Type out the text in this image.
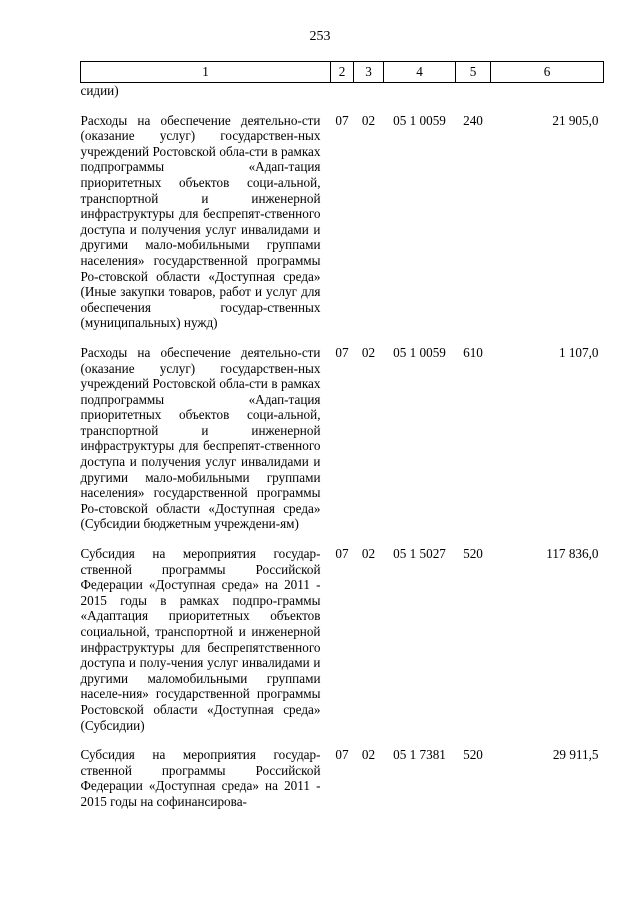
253
1	2	3	4	5	6
сидии)					

Расходы на обеспечение деятельно-сти (оказание услуг) государствен-ных учреждений Ростовской обла-сти в рамках подпрограммы «Адап-тация приоритетных объектов соци-альной, транспортной и инженерной инфраструктуры для беспрепят-ственного доступа и получения услуг инвалидами и другими мало-мобильными группами населения» государственной программы Ро-стовской области «Доступная среда» (Иные закупки товаров, работ и услуг для обеспечения государ-ственных (муниципальных) нужд)	07	02	05 1 0059	240	21 905,0

Расходы на обеспечение деятельно-сти (оказание услуг) государствен-ных учреждений Ростовской обла-сти в рамках подпрограммы «Адап-тация приоритетных объектов соци-альной, транспортной и инженерной инфраструктуры для беспрепят-ственного доступа и получения услуг инвалидами и другими мало-мобильными группами населения» государственной программы Ро-стовской области «Доступная среда» (Субсидии бюджетным учреждени-ям)	07	02	05 1 0059	610	1 107,0

Субсидия на мероприятия государ-ственной программы Российской Федерации «Доступная среда» на 2011 - 2015 годы в рамках подпро-граммы «Адаптация приоритетных объектов социальной, транспортной и инженерной инфраструктуры для беспрепятственного доступа и полу-чения услуг инвалидами и другими маломобильными группами населе-ния» государственной программы Ростовской области «Доступная среда» (Субсидии)	07	02	05 1 5027	520	117 836,0

Субсидия на мероприятия государ-ственной программы Российской Федерации «Доступная среда» на 2011 - 2015 годы на софинансирова-	07	02	05 1 7381	520	29 911,5
